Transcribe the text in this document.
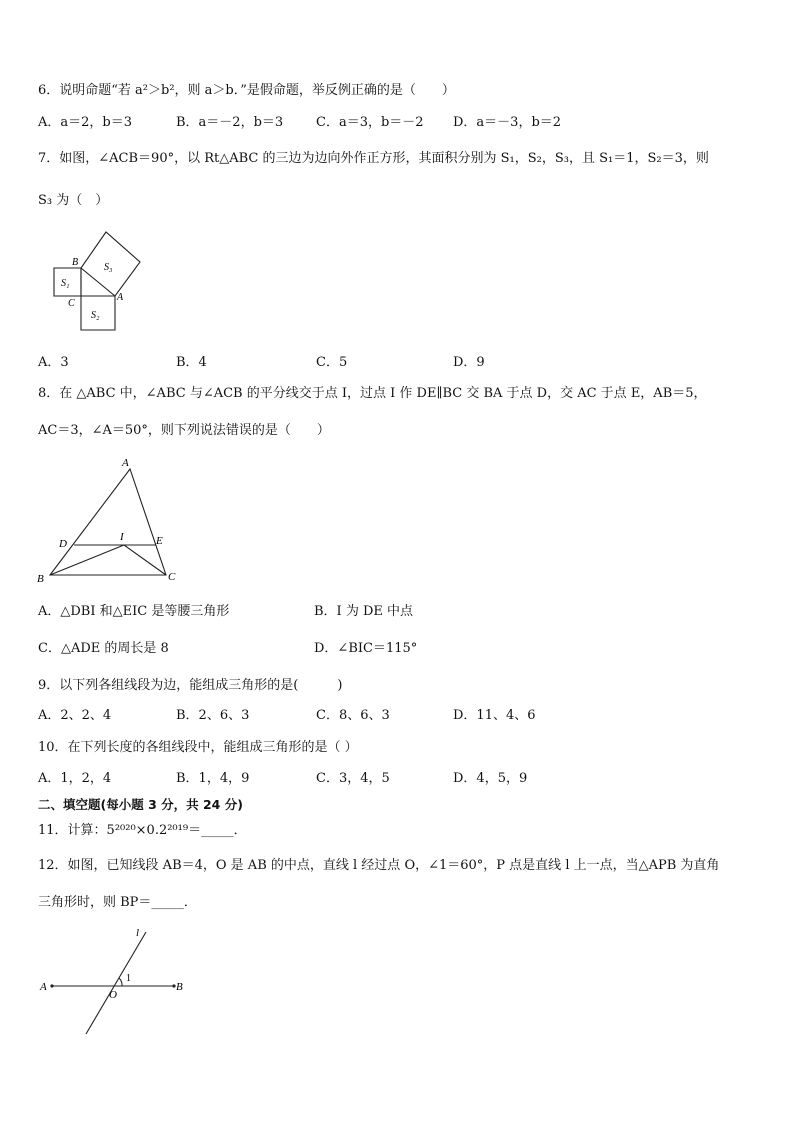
6．说明命题“若 a²＞b²，则 a＞b．”是假命题，举反例正确的是（　　）
A．a＝2，b＝3	B．a＝－2，b＝3	C．a＝3，b＝－2 D．a＝－3，b＝2
7．如图，∠ACB＝90°，以 Rt△ABC 的三边为边向外作正方形，其面积分别为 S₁，S₂，S₃，且 S₁＝1，S₂＝3，则
S₃ 为（　）
B
A
C
S₁
S₂
S₃
A．3	B．4	C．5	D．9
8．在 △ABC 中，∠ABC 与∠ACB 的平分线交于点 I，过点 I 作 DE∥BC 交 BA 于点 D，交 AC 于点 E，AB＝5，
AC＝3，∠A＝50°，则下列说法错误的是（　　）
A
B	C
D	E
I
A．△DBI 和△EIC 是等腰三角形	B．I 为 DE 中点
C．△ADE 的周长是 8	D．∠BIC＝115°
9．以下列各组线段为边，能组成三角形的是(　　　)
A．2、2、4	B．2、6、3	C．8、6、3	D．11、4、6
10．在下列长度的各组线段中，能组成三角形的是（ ）
A．1，2，4	B．1，4，9	C．3，4，5	D．4，5，9
二、填空题(每小题 3 分，共 24 分)
11．计算：5²⁰²⁰×0.2²⁰¹⁹＝_____．
12．如图，已知线段 AB＝4，O 是 AB 的中点，直线 l 经过点 O，∠1＝60°，P 点是直线 l 上一点，当△APB 为直角
三角形时，则 BP＝_____．
l
A	B
O
1
